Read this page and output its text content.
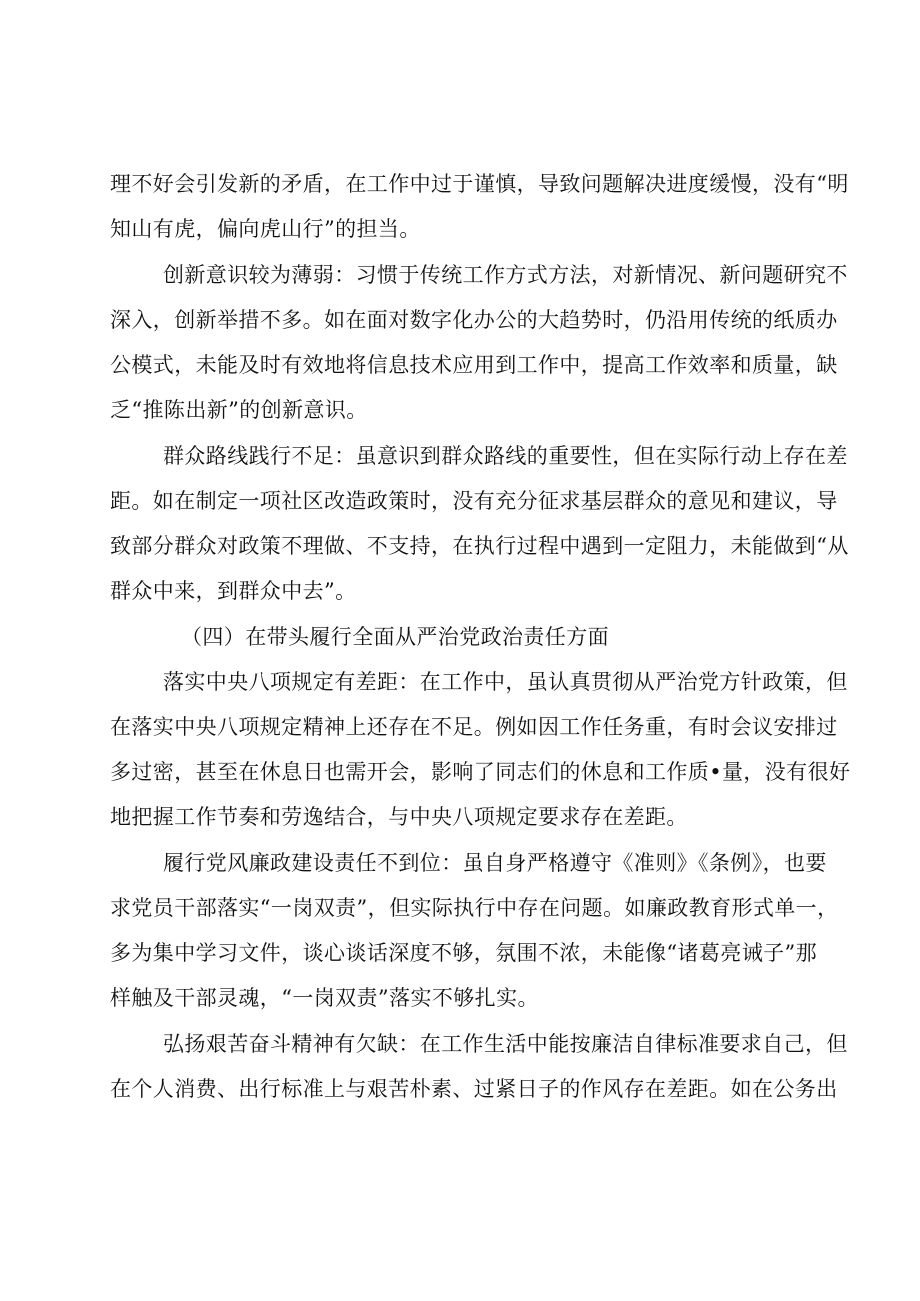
理不好会引发新的矛盾，在工作中过于谨慎，导致问题解决进度缓慢，没有“明
知山有虎，偏向虎山行”的担当。
创新意识较为薄弱：习惯于传统工作方式方法，对新情况、新问题研究不
深入，创新举措不多。如在面对数字化办公的大趋势时，仍沿用传统的纸质办
公模式，未能及时有效地将信息技术应用到工作中，提高工作效率和质量，缺
乏“推陈出新”的创新意识。
群众路线践行不足：虽意识到群众路线的重要性，但在实际行动上存在差
距。如在制定一项社区改造政策时，没有充分征求基层群众的意见和建议，导
致部分群众对政策不理做、不支持，在执行过程中遇到一定阻力，未能做到“从
群众中来，到群众中去”。
（四）在带头履行全面从严治党政治责任方面
落实中央八项规定有差距：在工作中，虽认真贯彻从严治党方针政策，但
在落实中央八项规定精神上还存在不足。例如因工作任务重，有时会议安排过
多过密，甚至在休息日也需开会，影响了同志们的休息和工作质•量，没有很好
地把握工作节奏和劳逸结合，与中央八项规定要求存在差距。
履行党风廉政建设责任不到位：虽自身严格遵守《准则》《条例》，也要
求党员干部落实“一岗双责”，但实际执行中存在问题。如廉政教育形式单一，
多为集中学习文件，谈心谈话深度不够，氛围不浓，未能像“诸葛亮诫子”那
样触及干部灵魂，“一岗双责”落实不够扎实。
弘扬艰苦奋斗精神有欠缺：在工作生活中能按廉洁自律标准要求自己，但
在个人消费、出行标准上与艰苦朴素、过紧日子的作风存在差距。如在公务出
